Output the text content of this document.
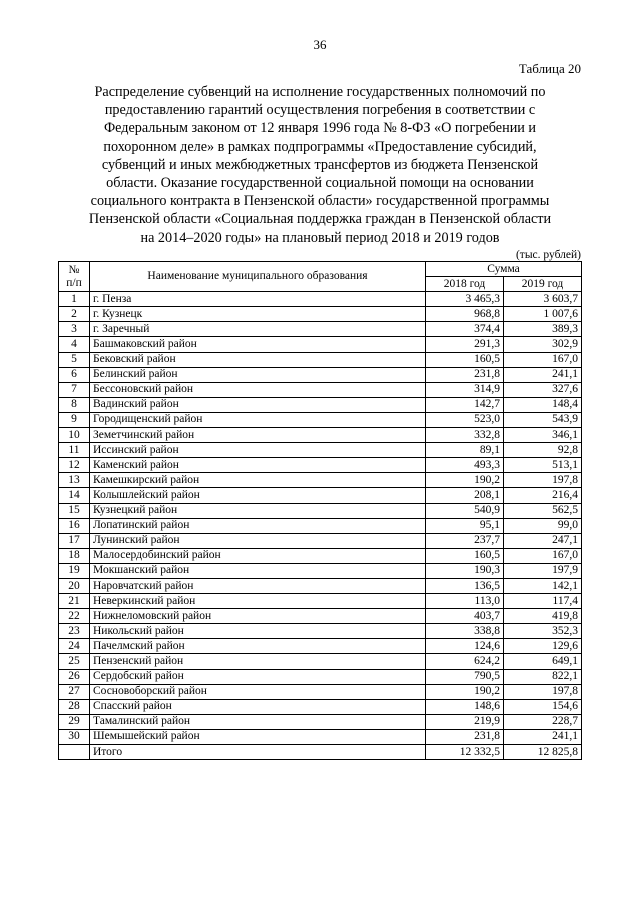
36
Таблица 20
Распределение субвенций на исполнение государственных полномочий по
предоставлению гарантий осуществления погребения в соответствии с
Федеральным законом от 12 января 1996 года № 8-ФЗ «О погребении и
похоронном деле» в рамках подпрограммы «Предоставление субсидий,
субвенций и иных межбюджетных трансфертов из бюджета Пензенской
области. Оказание государственной социальной помощи на основании
социального контракта в Пензенской области» государственной программы
Пензенской области «Социальная поддержка граждан в Пензенской области
на 2014–2020 годы» на плановый период 2018 и 2019 годов
(тыс. рублей)
№
п/п	Наименование муниципального образования	Сумма	
		2018 год	2019 год
1	г. Пенза	3 465,3	3 603,7
2	г. Кузнецк	968,8	1 007,6
3	г. Заречный	374,4	389,3
4	Башмаковский район	291,3	302,9
5	Бековский район	160,5	167,0
6	Белинский район	231,8	241,1
7	Бессоновский район	314,9	327,6
8	Вадинский район	142,7	148,4
9	Городищенский район	523,0	543,9
10	Земетчинский район	332,8	346,1
11	Иссинский район	89,1	92,8
12	Каменский район	493,3	513,1
13	Камешкирский район	190,2	197,8
14	Колышлейский район	208,1	216,4
15	Кузнецкий район	540,9	562,5
16	Лопатинский район	95,1	99,0
17	Лунинский район	237,7	247,1
18	Малосердобинский район	160,5	167,0
19	Мокшанский район	190,3	197,9
20	Наровчатский район	136,5	142,1
21	Неверкинский район	113,0	117,4
22	Нижнеломовский район	403,7	419,8
23	Никольский район	338,8	352,3
24	Пачелмский район	124,6	129,6
25	Пензенский район	624,2	649,1
26	Сердобский район	790,5	822,1
27	Сосновоборский район	190,2	197,8
28	Спасский район	148,6	154,6
29	Тамалинский район	219,9	228,7
30	Шемышейский район	231,8	241,1
	Итого	12 332,5	12 825,8
